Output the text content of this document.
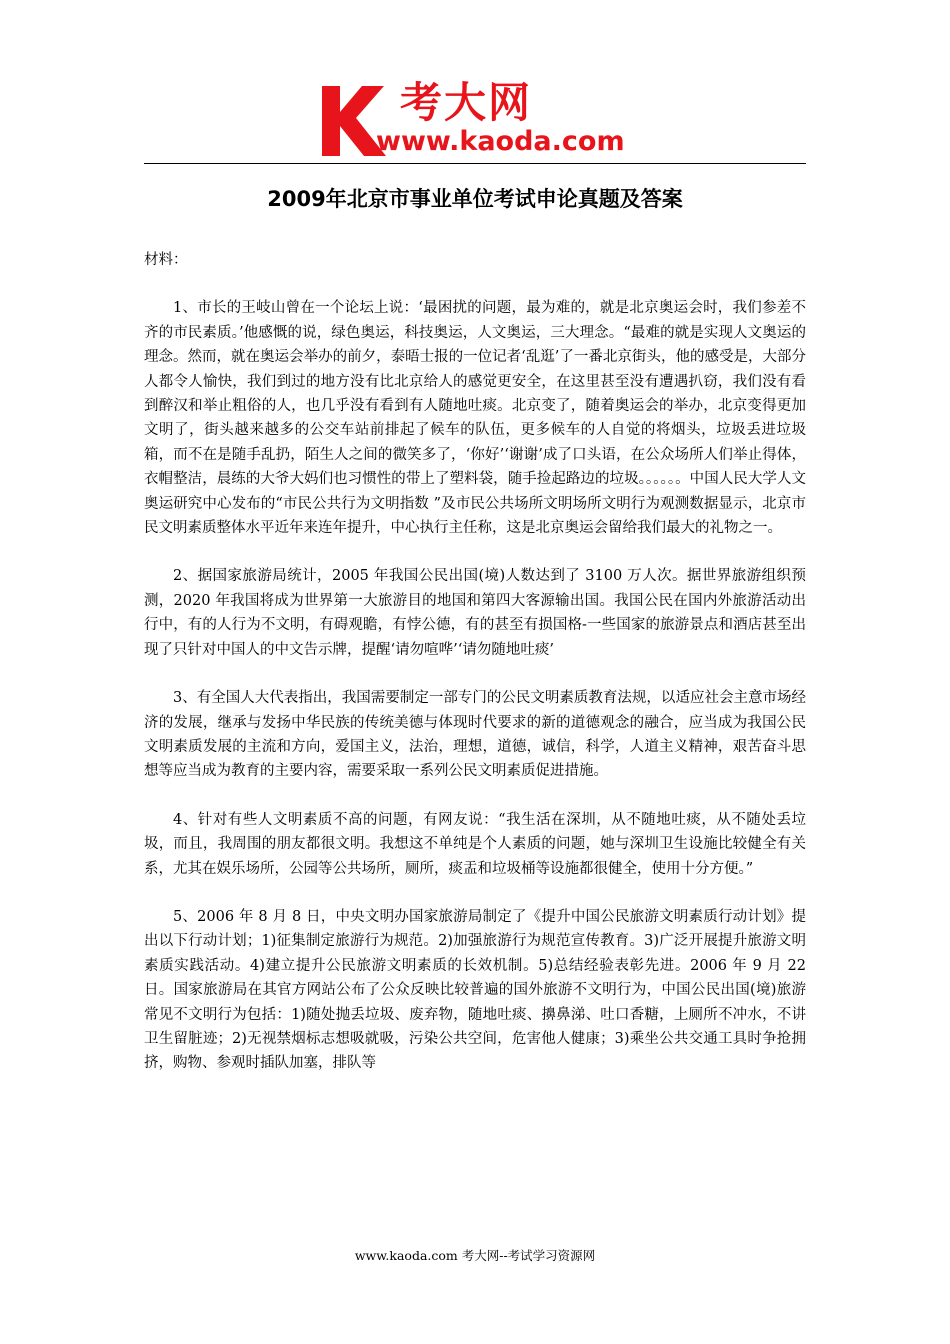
考大网
www.kaoda.com
2009年北京市事业单位考试申论真题及答案

材料：

1、市长的王岐山曾在一个论坛上说：‘最困扰的问题，最为难的，就是北京奥运会时，我们参差不齐的市民素质。’他感慨的说，绿色奥运，科技奥运，人文奥运，三大理念。“最难的就是实现人文奥运的理念。然而，就在奥运会举办的前夕，泰晤士报的一位记者‘乱逛’了一番北京街头，他的感受是，大部分人都令人愉快，我们到过的地方没有比北京给人的感觉更安全，在这里甚至没有遭遇扒窃，我们没有看到醉汉和举止粗俗的人，也几乎没有看到有人随地吐痰。北京变了，随着奥运会的举办，北京变得更加文明了，街头越来越多的公交车站前排起了候车的队伍，更多候车的人自觉的将烟头，垃圾丢进垃圾箱，而不在是随手乱扔，陌生人之间的微笑多了，‘你好’‘谢谢’成了口头语，在公众场所人们举止得体，衣帽整洁，晨练的大爷大妈们也习惯性的带上了塑料袋，随手捡起路边的垃圾。。。。。。中国人民大学人文奥运研究中心发布的“市民公共行为文明指数 ”及市民公共场所文明场所文明行为观测数据显示，北京市民文明素质整体水平近年来连年提升，中心执行主任称，这是北京奥运会留给我们最大的礼物之一。

2、据国家旅游局统计，2005 年我国公民出国(境)人数达到了 3100 万人次。据世界旅游组织预测，2020 年我国将成为世界第一大旅游目的地国和第四大客源输出国。我国公民在国内外旅游活动出行中，有的人行为不文明，有碍观瞻，有悖公德，有的甚至有损国格-一些国家的旅游景点和酒店甚至出现了只针对中国人的中文告示牌，提醒‘请勿喧哗’‘请勿随地吐痰’

3、有全国人大代表指出，我国需要制定一部专门的公民文明素质教育法规，以适应社会主意市场经济的发展，继承与发扬中华民族的传统美德与体现时代要求的新的道德观念的融合，应当成为我国公民文明素质发展的主流和方向，爱国主义，法治，理想，道德，诚信，科学，人道主义精神，艰苦奋斗思想等应当成为教育的主要内容，需要采取一系列公民文明素质促进措施。

4、针对有些人文明素质不高的问题，有网友说：“我生活在深圳，从不随地吐痰，从不随处丢垃圾，而且，我周围的朋友都很文明。我想这不单纯是个人素质的问题，她与深圳卫生设施比较健全有关系，尤其在娱乐场所，公园等公共场所，厕所，痰盂和垃圾桶等设施都很健全，使用十分方便。”

5、2006 年 8 月 8 日，中央文明办国家旅游局制定了《提升中国公民旅游文明素质行动计划》提出以下行动计划；1)征集制定旅游行为规范。2)加强旅游行为规范宣传教育。3)广泛开展提升旅游文明素质实践活动。4)建立提升公民旅游文明素质的长效机制。5)总结经验表彰先进。2006 年 9 月 22 日。国家旅游局在其官方网站公布了公众反映比较普遍的国外旅游不文明行为，中国公民出国(境)旅游常见不文明行为包括：1)随处抛丢垃圾、废弃物，随地吐痰、擤鼻涕、吐口香糖，上厕所不冲水，不讲卫生留脏迹；2)无视禁烟标志想吸就吸，污染公共空间，危害他人健康；3)乘坐公共交通工具时争抢拥挤，购物、参观时插队加塞，排队等

www.kaoda.com 考大网--考试学习资源网
